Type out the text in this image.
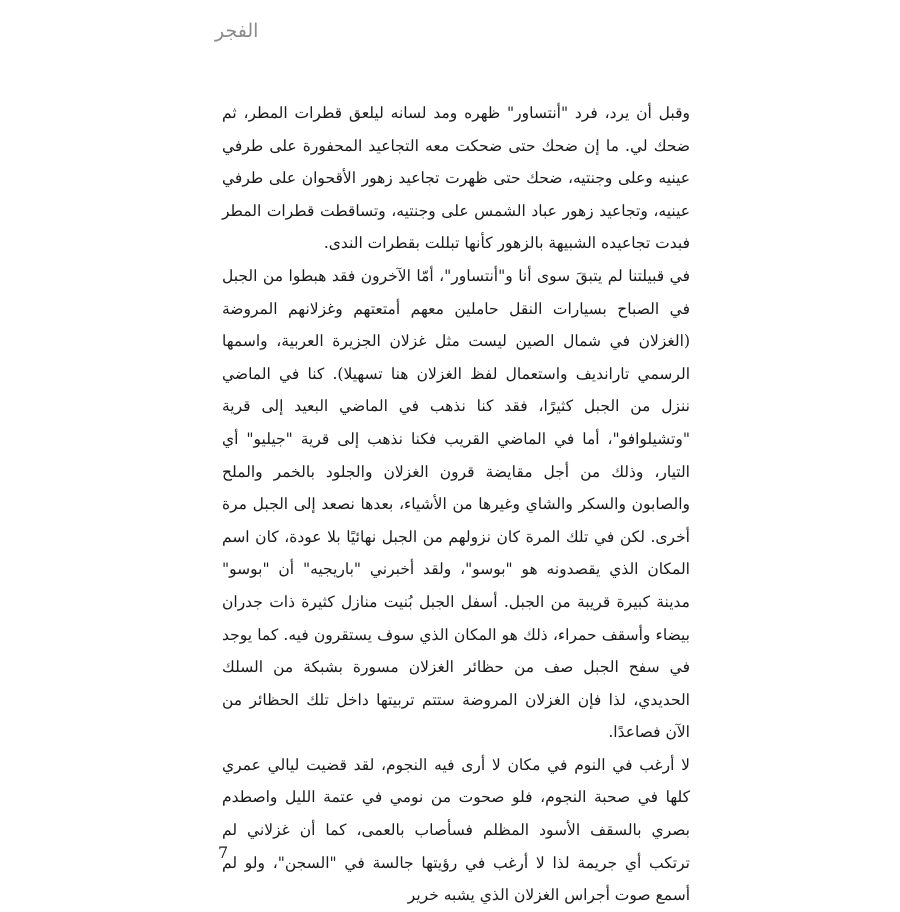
الفجر

وقبل أن يرد، فرد "أنتساور" ظهره ومد لسانه ليلعق قطرات المطر، ثم ضحك لي. ما إن ضحك حتى ضحكت معه التجاعيد المحفورة على طرفي عينيه وعلى وجنتيه، ضحك حتى ظهرت تجاعيد زهور الأقحوان على طرفي عينيه، وتجاعيد زهور عباد الشمس على وجنتيه، وتساقطت قطرات المطر فبدت تجاعيده الشبيهة بالزهور كأنها تبللت بقطرات الندى.

في قبيلتنا لم يتبقَ سوى أنا و"أنتساور"، أمّا الآخرون فقد هبطوا من الجبل في الصباح بسيارات النقل حاملين معهم أمتعتهم وغزلانهم المروضة (الغزلان في شمال الصين ليست مثل غزلان الجزيرة العربية، واسمها الرسمي تاراندیف واستعمال لفظ الغزلان هنا تسهيلا). كنا في الماضي ننزل من الجبل كثيرًا، فقد كنا نذهب في الماضي البعيد إلى قرية "وتشيلوافو"، أما في الماضي القريب فكنا نذهب إلى قرية "جيليو" أي التيار، وذلك من أجل مقايضة قرون الغزلان والجلود بالخمر والملح والصابون والسكر والشاي وغيرها من الأشياء، بعدها نصعد إلى الجبل مرة أخرى. لكن في تلك المرة كان نزولهم من الجبل نهائيًا بلا عودة، كان اسم المكان الذي يقصدونه هو "بوسو"، ولقد أخبرني "باريجيه" أن "بوسو" مدينة كبيرة قريبة من الجبل. أسفل الجبل بُنيت منازل كثيرة ذات جدران بيضاء وأسقف حمراء، ذلك هو المكان الذي سوف يستقرون فيه. كما يوجد في سفح الجبل صف من حظائر الغزلان مسورة بشبكة من السلك الحديدي، لذا فإن الغزلان المروضة ستتم تربيتها داخل تلك الحظائر من الآن فصاعدًا.

لا أرغب في النوم في مكان لا أرى فيه النجوم، لقد قضيت ليالي عمري كلها في صحبة النجوم، فلو صحوت من نومي في عتمة الليل واصطدم بصري بالسقف الأسود المظلم فسأصاب بالعمى، كما أن غزلاني لم ترتكب أي جريمة لذا لا أرغب في رؤيتها جالسة في "السجن"، ولو لم أسمع صوت أجراس الغزلان الذي يشبه خرير

7
